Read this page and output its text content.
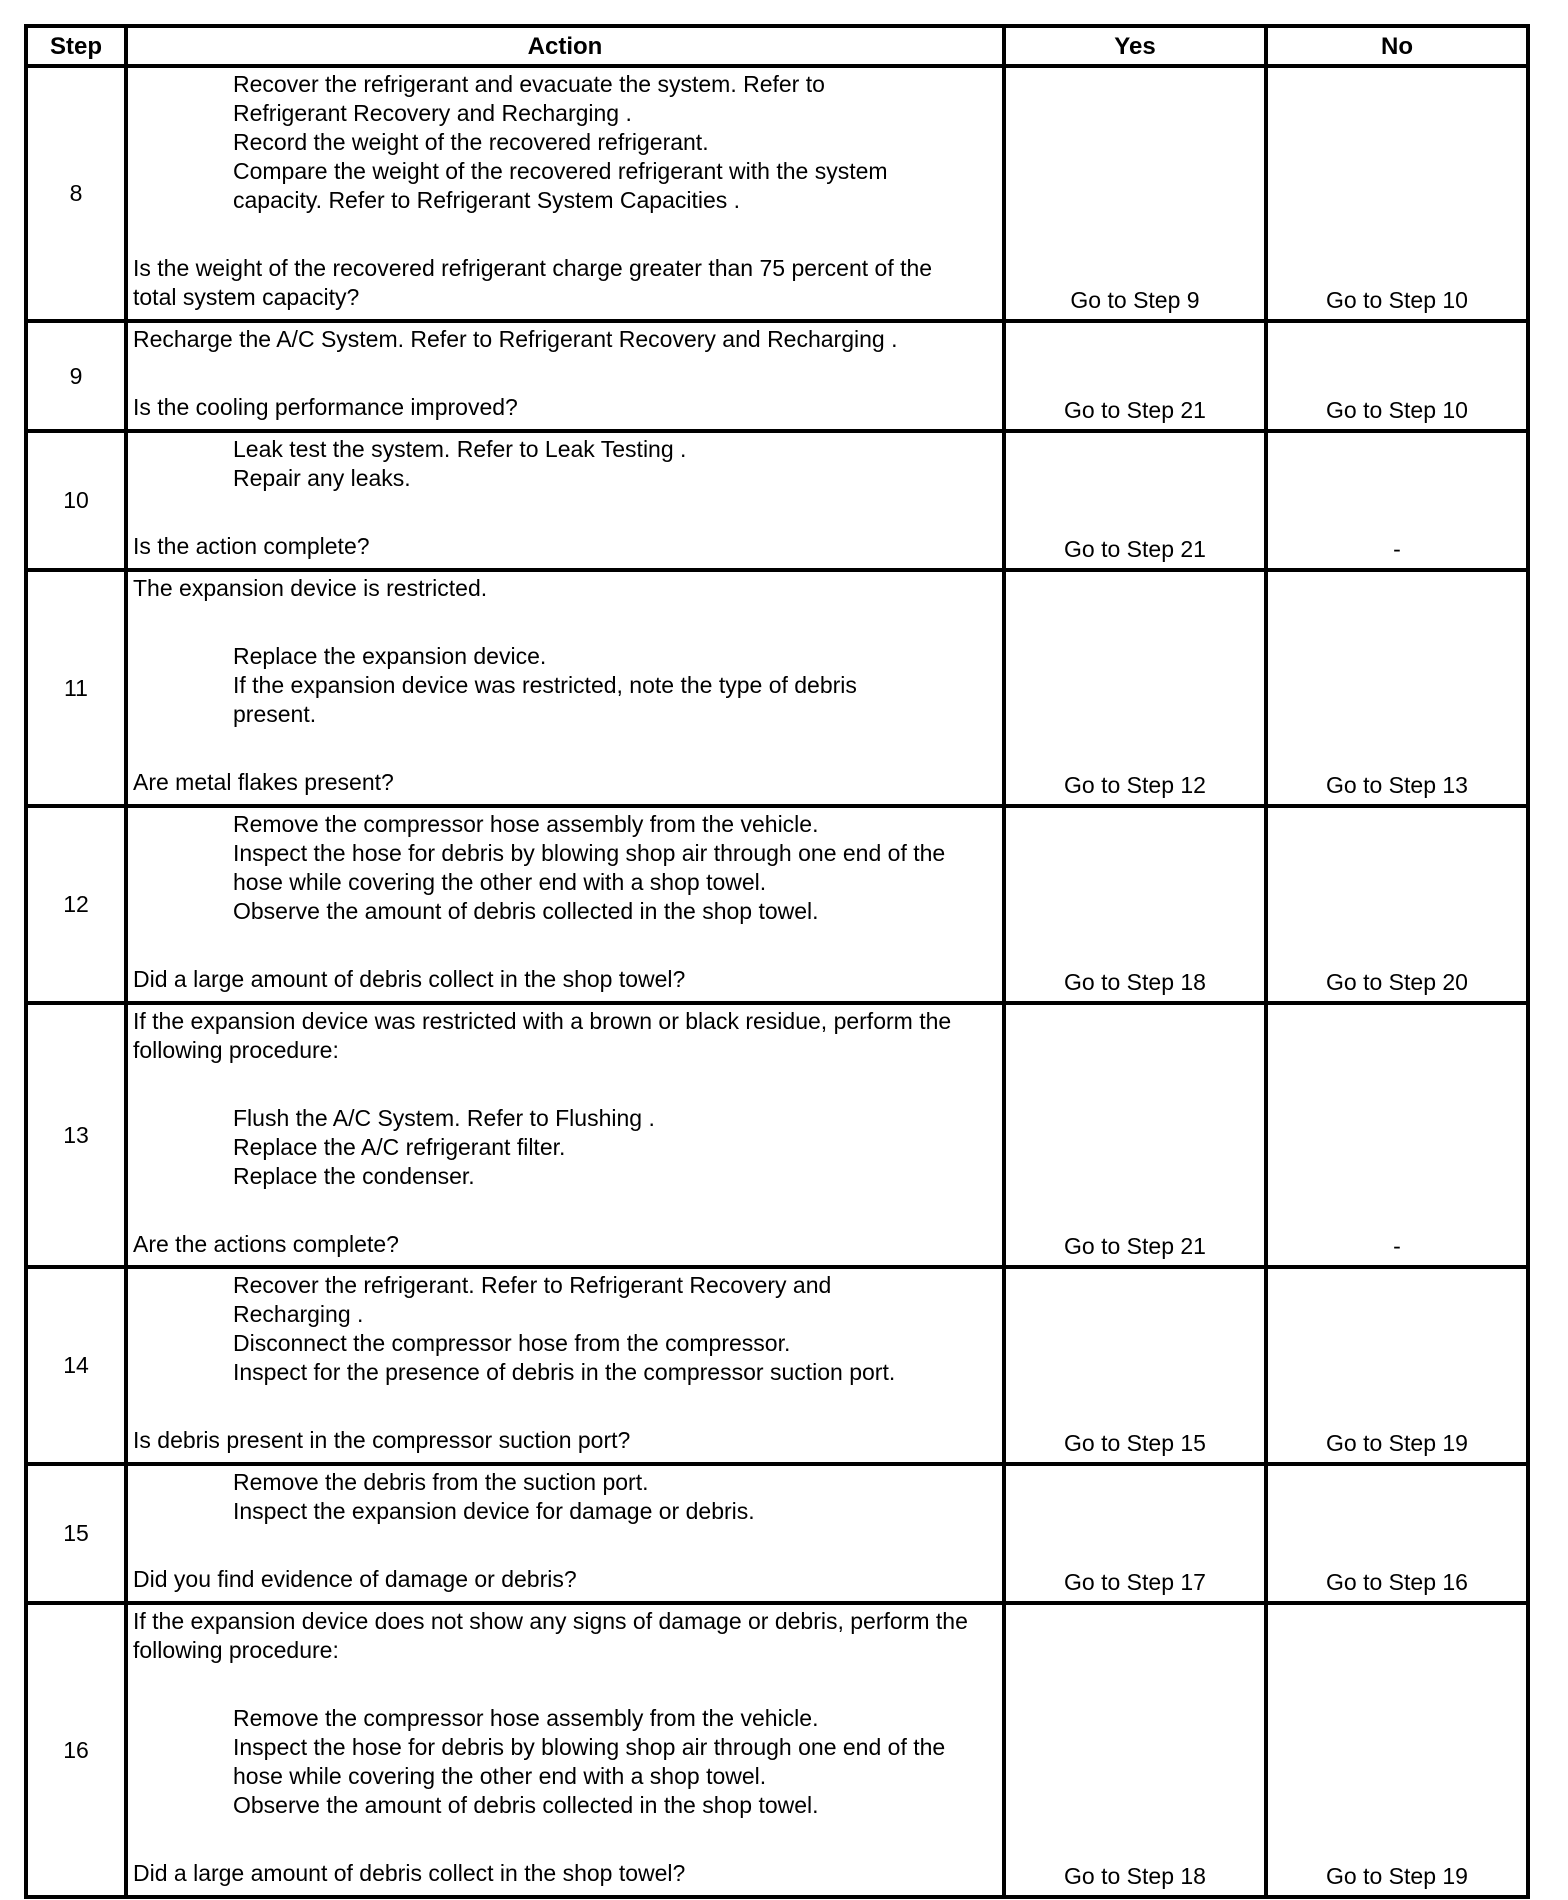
Step	Action	Yes	No
8	Recover the refrigerant and evacuate the system. Refer to Refrigerant Recovery and Recharging .
Record the weight of the recovered refrigerant.
Compare the weight of the recovered refrigerant with the system capacity. Refer to Refrigerant System Capacities .
Is the weight of the recovered refrigerant charge greater than 75 percent of the total system capacity?	Go to Step 9	Go to Step 10
9	Recharge the A/C System. Refer to Refrigerant Recovery and Recharging .
Is the cooling performance improved?	Go to Step 21	Go to Step 10
10	Leak test the system. Refer to Leak Testing .
Repair any leaks.
Is the action complete?	Go to Step 21	-
11	The expansion device is restricted.
Replace the expansion device.
If the expansion device was restricted, note the type of debris present.
Are metal flakes present?	Go to Step 12	Go to Step 13
12	Remove the compressor hose assembly from the vehicle.
Inspect the hose for debris by blowing shop air through one end of the hose while covering the other end with a shop towel.
Observe the amount of debris collected in the shop towel.
Did a large amount of debris collect in the shop towel?	Go to Step 18	Go to Step 20
13	If the expansion device was restricted with a brown or black residue, perform the following procedure:
Flush the A/C System. Refer to Flushing .
Replace the A/C refrigerant filter.
Replace the condenser.
Are the actions complete?	Go to Step 21	-
14	Recover the refrigerant. Refer to Refrigerant Recovery and Recharging .
Disconnect the compressor hose from the compressor.
Inspect for the presence of debris in the compressor suction port.
Is debris present in the compressor suction port?	Go to Step 15	Go to Step 19
15	Remove the debris from the suction port.
Inspect the expansion device for damage or debris.
Did you find evidence of damage or debris?	Go to Step 17	Go to Step 16
16	If the expansion device does not show any signs of damage or debris, perform the following procedure:
Remove the compressor hose assembly from the vehicle.
Inspect the hose for debris by blowing shop air through one end of the hose while covering the other end with a shop towel.
Observe the amount of debris collected in the shop towel.
Did a large amount of debris collect in the shop towel?	Go to Step 18	Go to Step 19
